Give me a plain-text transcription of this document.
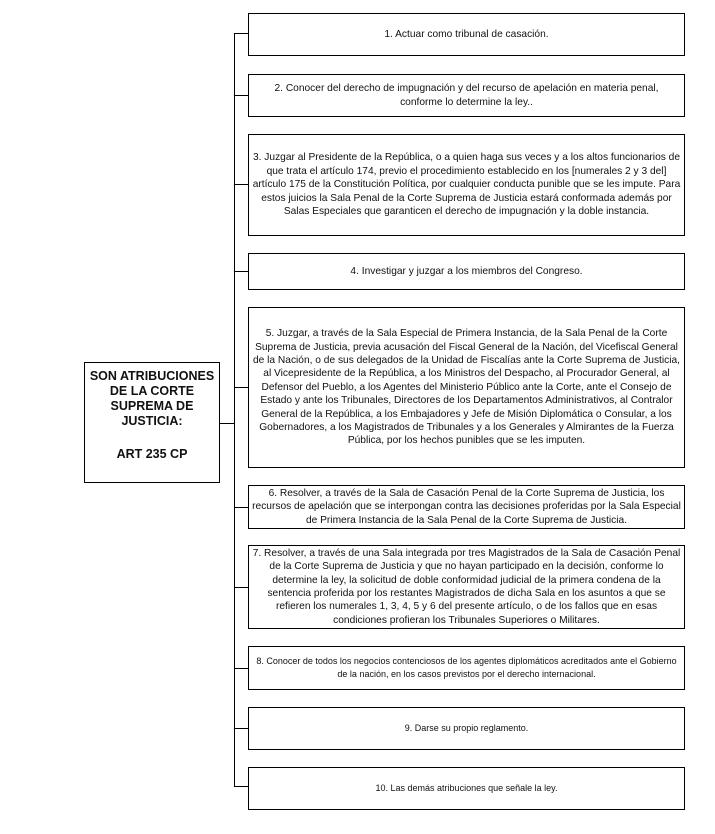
SON ATRIBUCIONES DE LA CORTE SUPREMA DE JUSTICIA:
ART 235 CP
1. Actuar como tribunal de casación.
2. Conocer del derecho de impugnación y del recurso de apelación en materia penal, conforme lo determine la ley..
3. Juzgar al Presidente de la República, o a quien haga sus veces y a los altos funcionarios de que trata el artículo 174, previo el procedimiento establecido en los [numerales 2 y 3 del] artículo 175 de la Constitución Política, por cualquier conducta punible que se les impute. Para estos juicios la Sala Penal de la Corte Suprema de Justicia estará conformada además por Salas Especiales que garanticen el derecho de impugnación y la doble instancia.
4. Investigar y juzgar a los miembros del Congreso.
5. Juzgar, a través de la Sala Especial de Primera Instancia, de la Sala Penal de la Corte Suprema de Justicia, previa acusación del Fiscal General de la Nación, del Vicefiscal General de la Nación, o de sus delegados de la Unidad de Fiscalías ante la Corte Suprema de Justicia, al Vicepresidente de la República, a los Ministros del Despacho, al Procurador General, al Defensor del Pueblo, a los Agentes del Ministerio Público ante la Corte, ante el Consejo de Estado y ante los Tribunales, Directores de los Departamentos Administrativos, al Contralor General de la República, a los Embajadores y Jefe de Misión Diplomática o Consular, a los Gobernadores, a los Magistrados de Tribunales y a los Generales y Almirantes de la Fuerza Pública, por los hechos punibles que se les imputen.
6. Resolver, a través de la Sala de Casación Penal de la Corte Suprema de Justicia, los recursos de apelación que se interpongan contra las decisiones proferidas por la Sala Especial de Primera Instancia de la Sala Penal de la Corte Suprema de Justicia.
7. Resolver, a través de una Sala integrada por tres Magistrados de la Sala de Casación Penal de la Corte Suprema de Justicia y que no hayan participado en la decisión, conforme lo determine la ley, la solicitud de doble conformidad judicial de la primera condena de la sentencia proferida por los restantes Magistrados de dicha Sala en los asuntos a que se refieren los numerales 1, 3, 4, 5 y 6 del presente artículo, o de los fallos que en esas condiciones profieran los Tribunales Superiores o Militares.
8. Conocer de todos los negocios contenciosos de los agentes diplomáticos acreditados ante el Gobierno de la nación, en los casos previstos por el derecho internacional.
9. Darse su propio reglamento.
10. Las demás atribuciones que señale la ley.
